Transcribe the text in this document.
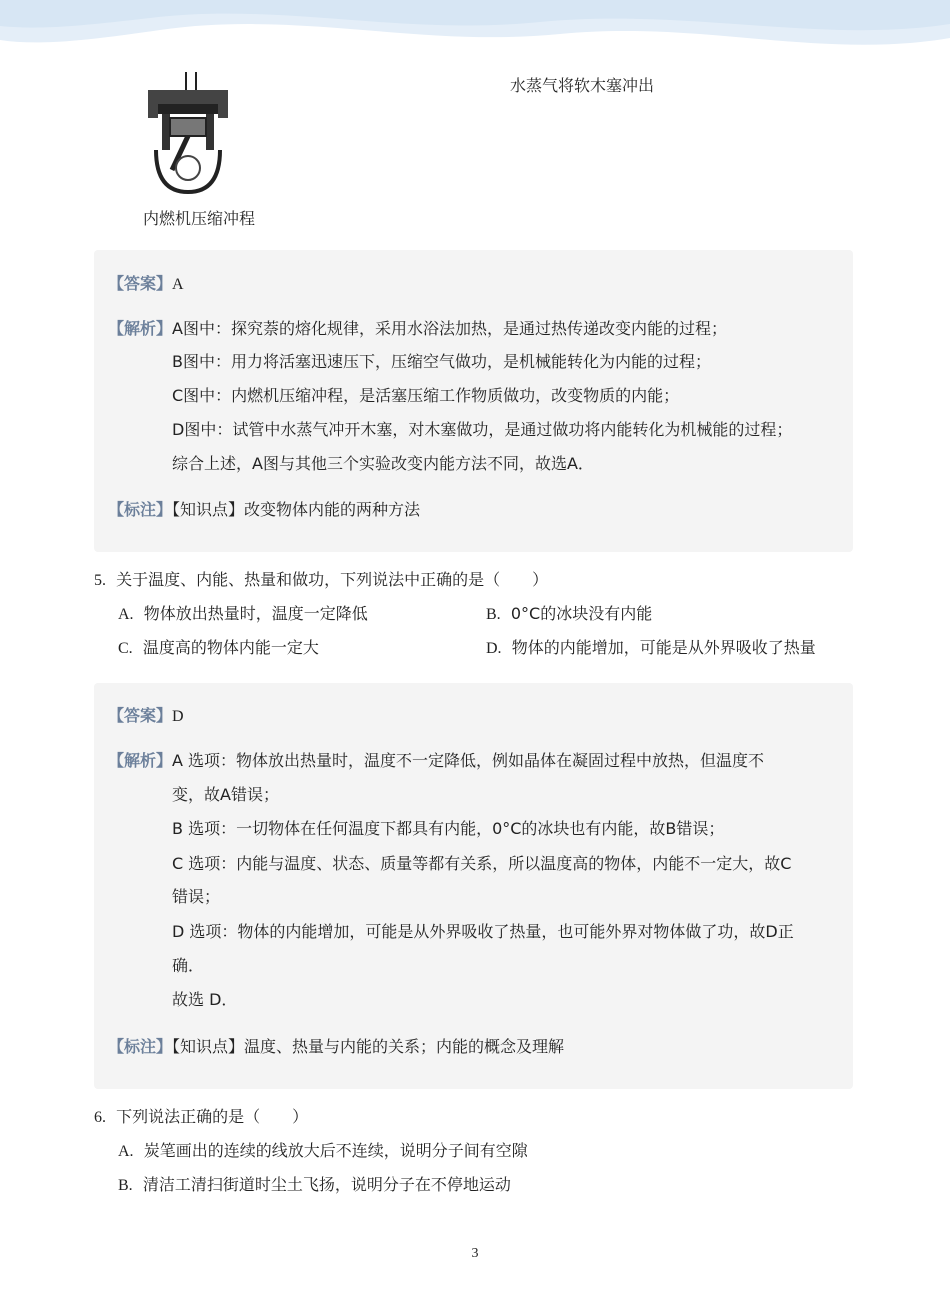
水蒸气将软木塞冲出
内燃机压缩冲程
【答案】A
【解析】A图中：探究萘的熔化规律，采用水浴法加热，是通过热传递改变内能的过程；
B图中：用力将活塞迅速压下，压缩空气做功，是机械能转化为内能的过程；
C图中：内燃机压缩冲程，是活塞压缩工作物质做功，改变物质的内能；
D图中：试管中水蒸气冲开木塞，对木塞做功，是通过做功将内能转化为机械能的过程；
综合上述，A图与其他三个实验改变内能方法不同，故选A．
【标注】【知识点】改变物体内能的两种方法
5. 关于温度、内能、热量和做功，下列说法中正确的是（　　）
A. 物体放出热量时，温度一定降低	B. 0°C的冰块没有内能
C. 温度高的物体内能一定大	D. 物体的内能增加，可能是从外界吸收了热量
【答案】D
【解析】A 选项：物体放出热量时，温度不一定降低，例如晶体在凝固过程中放热，但温度不
变，故A错误；
B 选项：一切物体在任何温度下都具有内能，0°C的冰块也有内能，故B错误；
C 选项：内能与温度、状态、质量等都有关系，所以温度高的物体，内能不一定大，故C
错误；
D 选项：物体的内能增加，可能是从外界吸收了热量，也可能外界对物体做了功，故D正
确．
故选 D．
【标注】【知识点】温度、热量与内能的关系；内能的概念及理解
6. 下列说法正确的是（　　）
A. 炭笔画出的连续的线放大后不连续，说明分子间有空隙
B. 清洁工清扫街道时尘土飞扬，说明分子在不停地运动
3
